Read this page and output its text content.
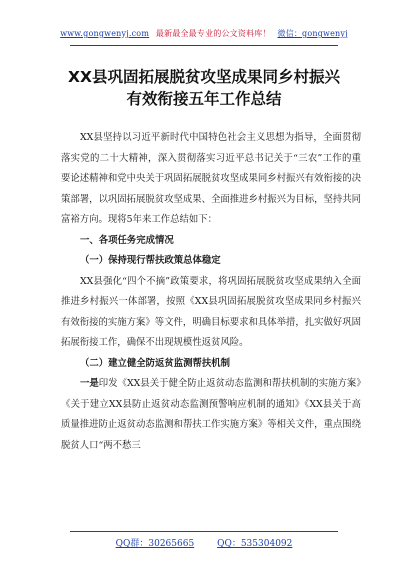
www.gongwenyj.com 最新最全最专业的公文资料库！ 微信：gongwenyj
XX县巩固拓展脱贫攻坚成果同乡村振兴
有效衔接五年工作总结

XX县坚持以习近平新时代中国特色社会主义思想为指导，全面贯彻落实党的二十大精神，深入贯彻落实习近平总书记关于“三农”工作的重要论述精神和党中央关于巩固拓展脱贫攻坚成果同乡村振兴有效衔接的决策部署，以巩固拓展脱贫攻坚成果、全面推进乡村振兴为目标，坚持共同富裕方向。现将5年来工作总结如下：

一、各项任务完成情况

（一）保持现行帮扶政策总体稳定

XX县强化“四个不摘”政策要求，将巩固拓展脱贫攻坚成果纳入全面推进乡村振兴一体部署，按照《XX县巩固拓展脱贫攻坚成果同乡村振兴有效衔接的实施方案》等文件，明确目标要求和具体举措，扎实做好巩固拓展衔接工作，确保不出现规模性返贫风险。

（二）建立健全防返贫监测帮扶机制

一是印发《XX县关于健全防止返贫动态监测和帮扶机制的实施方案》《关于建立XX县防止返贫动态监测预警响应机制的通知》《XX县关于高质量推进防止返贫动态监测和帮扶工作实施方案》等相关文件，重点围绕脱贫人口“两不愁三

QQ群：30265665	QQ：535304092
